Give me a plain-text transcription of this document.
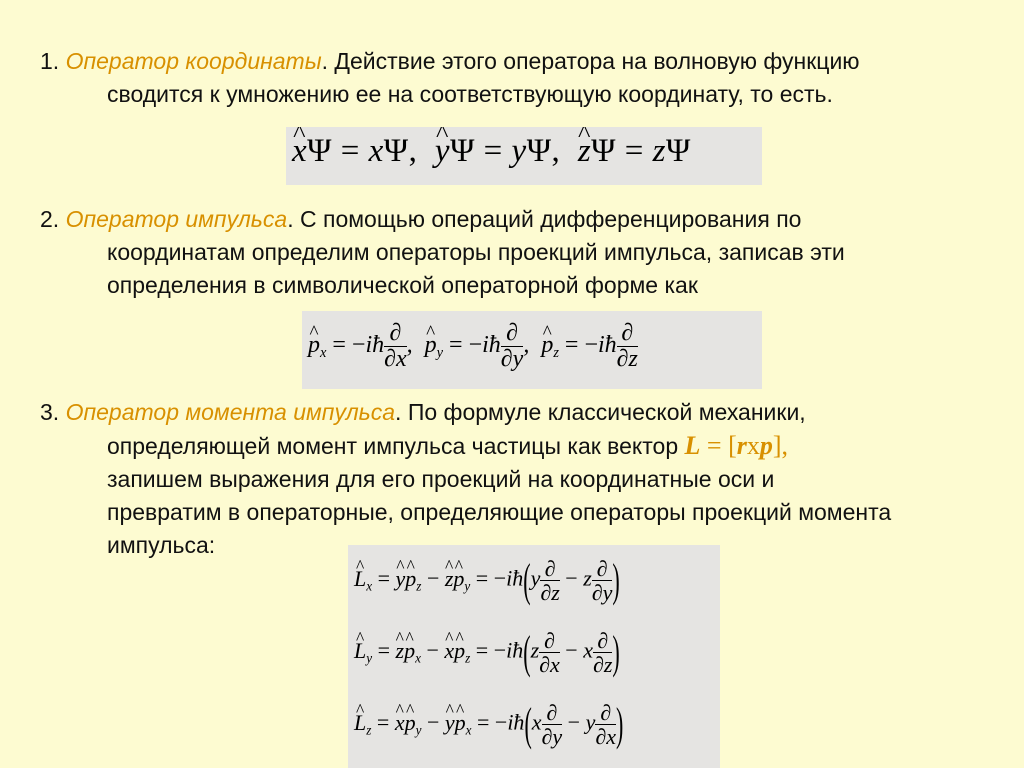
1. Оператор координаты. Действие этого оператора на волновую функцию
сводится к умножению ее на соответствующую координату, то есть.
^ xΨ = xΨ, ^ yΨ = yΨ, ^ zΨ = zΨ
2. Оператор импульса. С помощью операций дифференцирования по
координатам определим операторы проекций импульса, записав эти
определения в символической операторной форме как
^ $p_x$ = −iħ $\frac{\partial}{\partial x}$ ,  ^ $p_y$ = −iħ $\frac{\partial}{\partial y}$ ,  ^ $p_z$ = −iħ $\frac{\partial}{\partial z}$
3. Оператор момента импульса. По формуле классической механики,
определяющей момент импульса частицы как вектор L = [rxp],
запишем выражения для его проекций на координатные оси и
превратим в операторные, определяющие операторы проекций момента
импульса:
^ $L_x$ = ^ y^ $p_z$ − ^ z^ $p_y$ = −iħ(y $\frac{\partial}{\partial z} - z \frac{\partial}{\partial y}$ )
^ $L_y$ = ^ z^ $p_x$ − ^ x^ $p_z$ = −iħ(z $\frac{\partial}{\partial x} - x \frac{\partial}{\partial z}$ )
^ $L_z$ = ^ x^ $p_y$ − ^ y^ $p_x$ = −iħ(x $\frac{\partial}{\partial y} - y \frac{\partial}{\partial x}$ )
